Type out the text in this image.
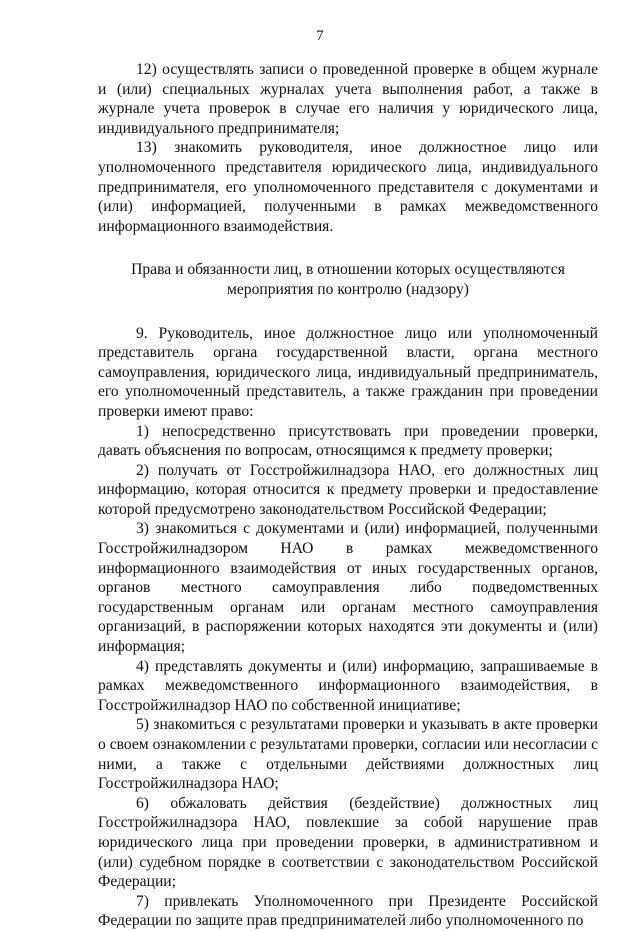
7

12) осуществлять записи о проведенной проверке в общем журнале и (или) специальных журналах учета выполнения работ, а также в журнале учета проверок в случае его наличия у юридического лица, индивидуального предпринимателя;

13) знакомить руководителя, иное должностное лицо или уполномоченного представителя юридического лица, индивидуального предпринимателя, его уполномоченного представителя с документами и (или) информацией, полученными в рамках межведомственного информационного взаимодействия.

Права и обязанности лиц, в отношении которых осуществляются мероприятия по контролю (надзору)

9. Руководитель, иное должностное лицо или уполномоченный представитель органа государственной власти, органа местного самоуправления, юридического лица, индивидуальный предприниматель, его уполномоченный представитель, а также гражданин при проведении проверки имеют право:

1) непосредственно присутствовать при проведении проверки, давать объяснения по вопросам, относящимся к предмету проверки;

2) получать от Госстройжилнадзора НАО, его должностных лиц информацию, которая относится к предмету проверки и предоставление которой предусмотрено законодательством Российской Федерации;

3) знакомиться с документами и (или) информацией, полученными Госстройжилнадзором НАО в рамках межведомственного информационного взаимодействия от иных государственных органов, органов местного самоуправления либо подведомственных государственным органам или органам местного самоуправления организаций, в распоряжении которых находятся эти документы и (или) информация;

4) представлять документы и (или) информацию, запрашиваемые в рамках межведомственного информационного взаимодействия, в Госстройжилнадзор НАО по собственной инициативе;

5) знакомиться с результатами проверки и указывать в акте проверки о своем ознакомлении с результатами проверки, согласии или несогласии с ними, а также с отдельными действиями должностных лиц Госстройжилнадзора НАО;

6) обжаловать действия (бездействие) должностных лиц Госстройжилнадзора НАО, повлекшие за собой нарушение прав юридического лица при проведении проверки, в административном и (или) судебном порядке в соответствии с законодательством Российской Федерации;

7) привлекать Уполномоченного при Президенте Российской Федерации по защите прав предпринимателей либо уполномоченного по
